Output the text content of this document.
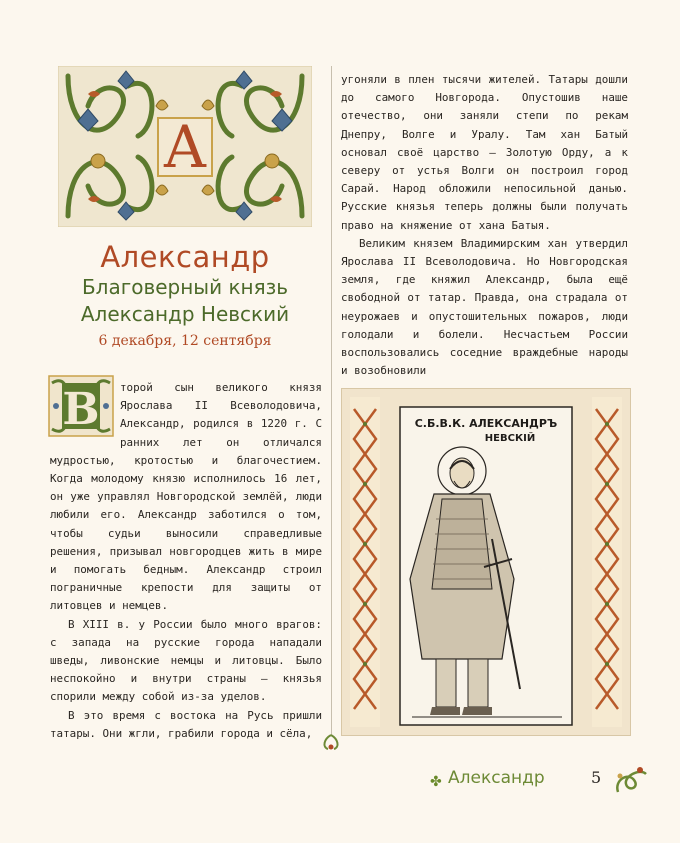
А
Александр
Благоверный князь
Александр Невский
6 декабря, 12 сентября

В торой сын великого князя Ярослава II Всеволодовича, Александр, родился в 1220 г. С ранних лет он отличался мудростью, кротостью и благочестием. Когда молодому князю исполнилось 16 лет, он уже управлял Новгородской землёй, люди любили его. Александр заботился о том, чтобы судьи выносили справедливые решения, призывал новгородцев жить в мире и помогать бедным. Александр строил пограничные крепости для защиты от литовцев и немцев.

В XIII в. у России было много врагов: с запада на русские города нападали шведы, ливонские немцы и литовцы. Было неспокойно и внутри страны — князья спорили между собой из-за уделов.

В это время с востока на Русь пришли татары. Они жгли, грабили города и сёла,

угоняли в плен тысячи жителей. Татары дошли до самого Новгорода. Опустошив наше отечество, они заняли степи по рекам Днепру, Волге и Уралу. Там хан Батый основал своё царство — Золотую Орду, а к северу от устья Волги он построил город Сарай. Народ обложили непосильной данью. Русские князья теперь должны были получать право на княжение от хана Батыя.

Великим князем Владимирским хан утвердил Ярослава II Всеволодовича. Но Новгородская земля, где княжил Александр, была ещё свободной от татар. Правда, она страдала от неурожаев и опустошительных пожаров, люди голодали и болели. Несчастьем России воспользовались соседние враждебные народы и возобновили

С.Б.В.К. АЛЕКСАНДРЪ
НЕВСКIЙ
✤ Александр	5
